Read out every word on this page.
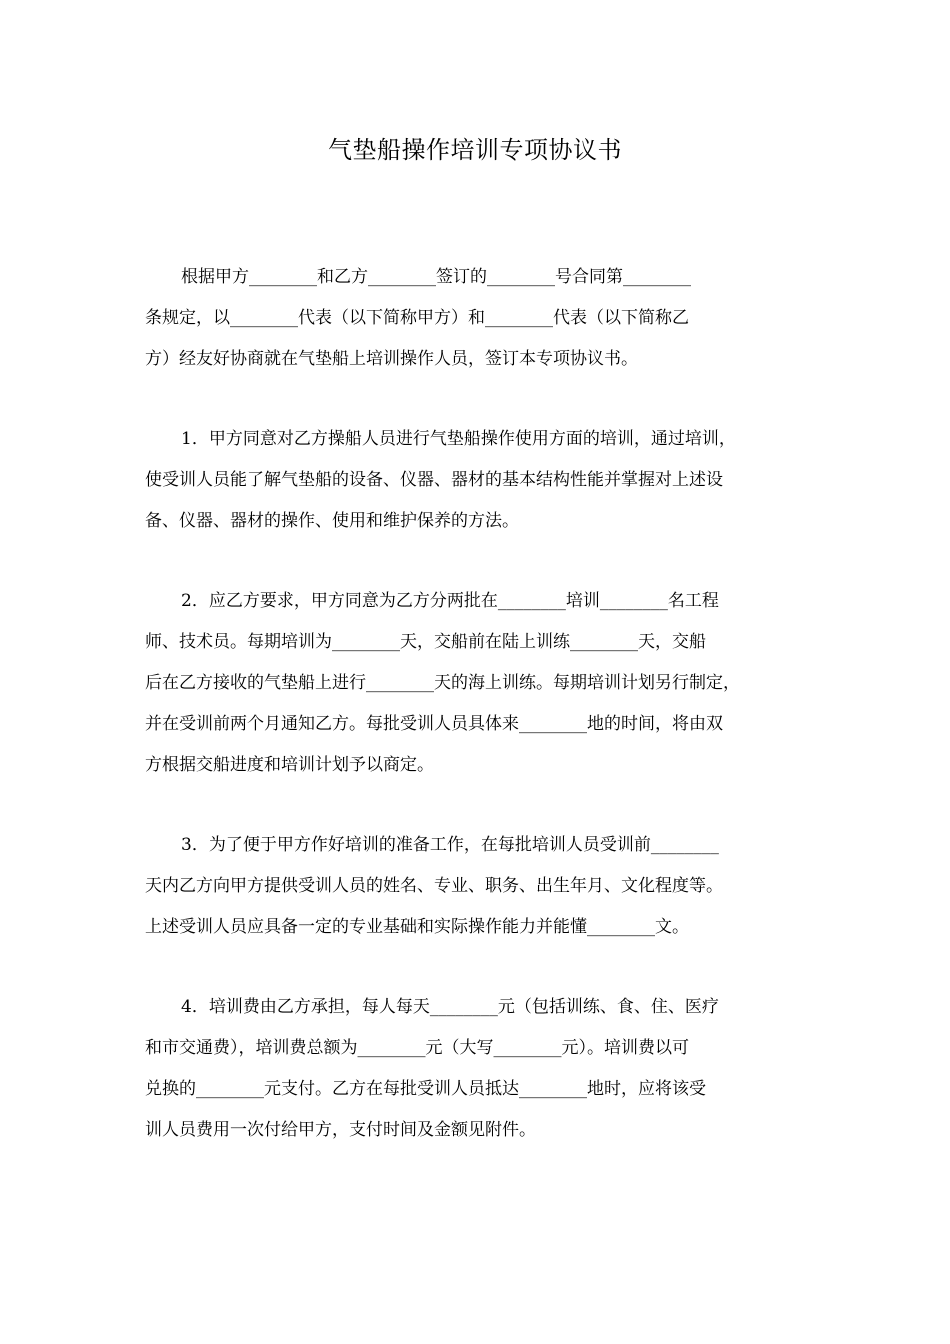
气垫船操作培训专项协议书
根据甲方________和乙方________签订的________号合同第________
条规定，以________代表（以下简称甲方）和________代表（以下简称乙
方）经友好协商就在气垫船上培训操作人员，签订本专项协议书。
1．甲方同意对乙方操船人员进行气垫船操作使用方面的培训，通过培训，
使受训人员能了解气垫船的设备、仪器、器材的基本结构性能并掌握对上述设
备、仪器、器材的操作、使用和维护保养的方法。
2．应乙方要求，甲方同意为乙方分两批在________培训________名工程
师、技术员。每期培训为________天，交船前在陆上训练________天，交船
后在乙方接收的气垫船上进行________天的海上训练。每期培训计划另行制定，
并在受训前两个月通知乙方。每批受训人员具体来________地的时间，将由双
方根据交船进度和培训计划予以商定。
3．为了便于甲方作好培训的准备工作，在每批培训人员受训前________
天内乙方向甲方提供受训人员的姓名、专业、职务、出生年月、文化程度等。
上述受训人员应具备一定的专业基础和实际操作能力并能懂________文。
4．培训费由乙方承担，每人每天________元（包括训练、食、住、医疗
和市交通费），培训费总额为________元（大写________元）。培训费以可
兑换的________元支付。乙方在每批受训人员抵达________地时，应将该受
训人员费用一次付给甲方，支付时间及金额见附件。
